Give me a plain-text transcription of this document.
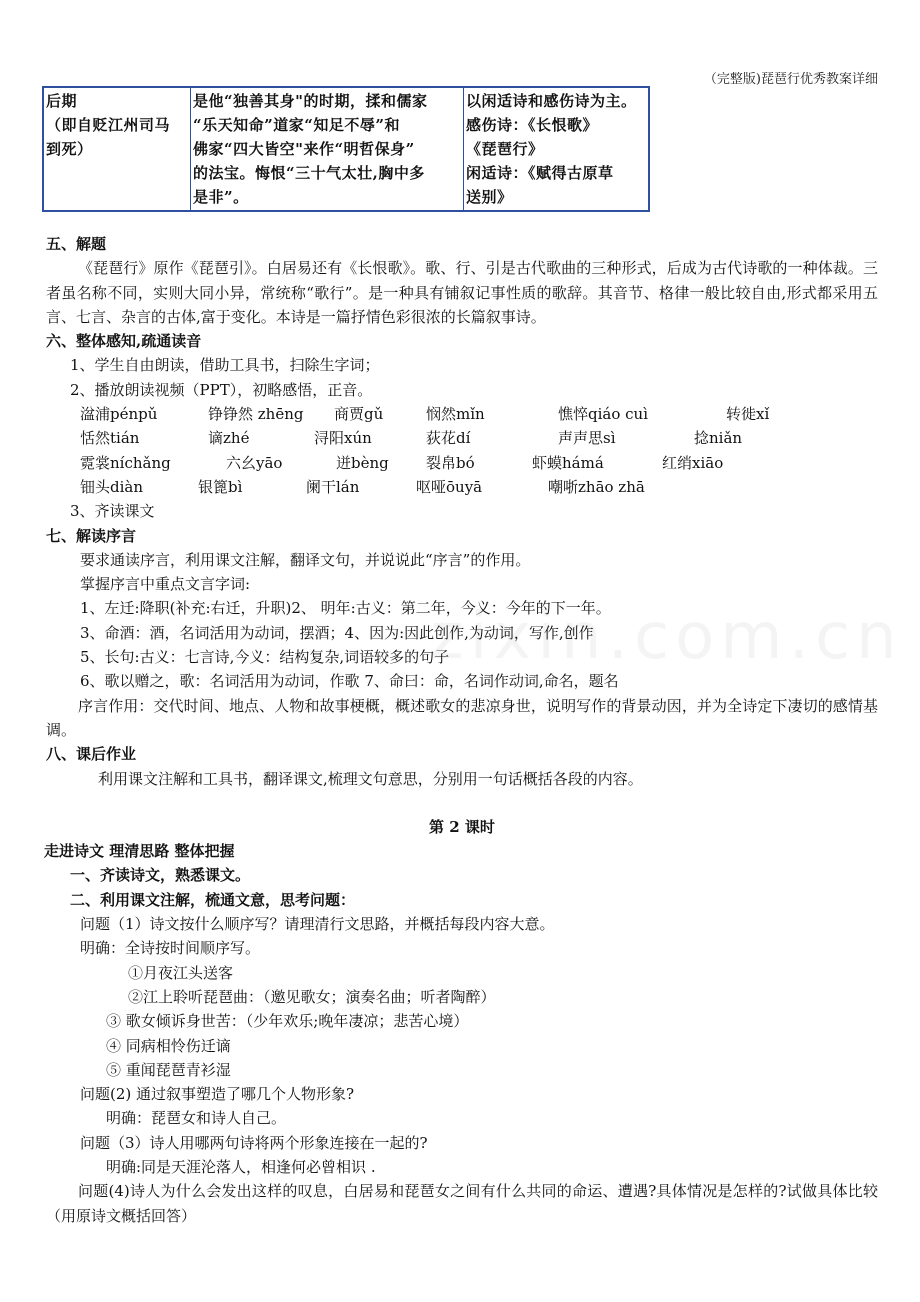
（完整版)琵琶行优秀教案详细
后期
（即自贬江州司马
到死）

是他“独善其身"的时期，揉和儒家
“乐天知命”道家“知足不辱”和
佛家“四大皆空"来作“明哲保身”
的法宝。悔恨“三十气太壮,胸中多
是非”。

以闲适诗和感伤诗为主。
感伤诗：《长恨歌》
《琵琶行》
闲适诗：《赋得古原草
送别》
五、解题
《琵琶行》原作《琵琶引》。白居易还有《长恨歌》。歌、行、引是古代歌曲的三种形式，后成为古代诗歌的一种体裁。三者虽名称不同，实则大同小异，常统称“歌行”。是一种具有铺叙记事性质的歌辞。其音节、格律一般比较自由,形式都采用五言、七言、杂言的古体,富于变化。本诗是一篇抒情色彩很浓的长篇叙事诗。
六、整体感知,疏通读音
1、学生自由朗读，借助工具书，扫除生字词；
2、播放朗读视频（PPT），初略感悟，正音。
湓浦pénpǔ	铮铮然 zhēng	商贾gǔ	悯然mǐn	憔悴qiáo cuì	转徙xǐ
恬然tián	谪zhé	浔阳xún	荻花dí	声声思sì	捻niǎn
霓裳níchǎng	六幺yāo	迸bèng	裂帛bó	虾蟆hámá	红绡xiāo
钿头diàn	银篦bì	阑干lán	呕哑ōuyā	嘲哳zhāo zhā
3、齐读课文
七、解读序言
要求通读序言，利用课文注解，翻译文句，并说说此“序言”的作用。
掌握序言中重点文言字词:
1、左迁:降职(补充:右迁，升职)2、 明年:古义：第二年，今义：今年的下一年。
3、命酒：酒，名词活用为动词，摆酒；4、因为:因此创作,为动词，写作,创作
5、长句:古义：七言诗,今义：结构复杂,词语较多的句子
6、歌以赠之，歌：名词活用为动词，作歌 7、命曰：命，名词作动词,命名，题名
序言作用：交代时间、地点、人物和故事梗概，概述歌女的悲凉身世，说明写作的背景动因，并为全诗定下凄切的感情基调。
八、课后作业
利用课文注解和工具书，翻译课文,梳理文句意思，分别用一句话概括各段的内容。
第 2 课时
走进诗文 理清思路 整体把握
一、齐读诗文，熟悉课文。
二、利用课文注解，梳通文意，思考问题：
问题（1）诗文按什么顺序写？请理清行文思路，并概括每段内容大意。
明确：全诗按时间顺序写。
①月夜江头送客
②江上聆听琵琶曲：（邀见歌女；演奏名曲；听者陶醉）
③ 歌女倾诉身世苦：（少年欢乐;晚年凄凉；悲苦心境）
④ 同病相怜伤迁谪
⑤ 重闻琵琶青衫湿
问题(2) 通过叙事塑造了哪几个人物形象?
明确：琵琶女和诗人自己。
问题（3）诗人用哪两句诗将两个形象连接在一起的?
明确:同是天涯沦落人，相逢何必曾相识 .
问题(4)诗人为什么会发出这样的叹息，白居易和琵琶女之间有什么共同的命运、遭遇?具体情况是怎样的?试做具体比较（用原诗文概括回答）
